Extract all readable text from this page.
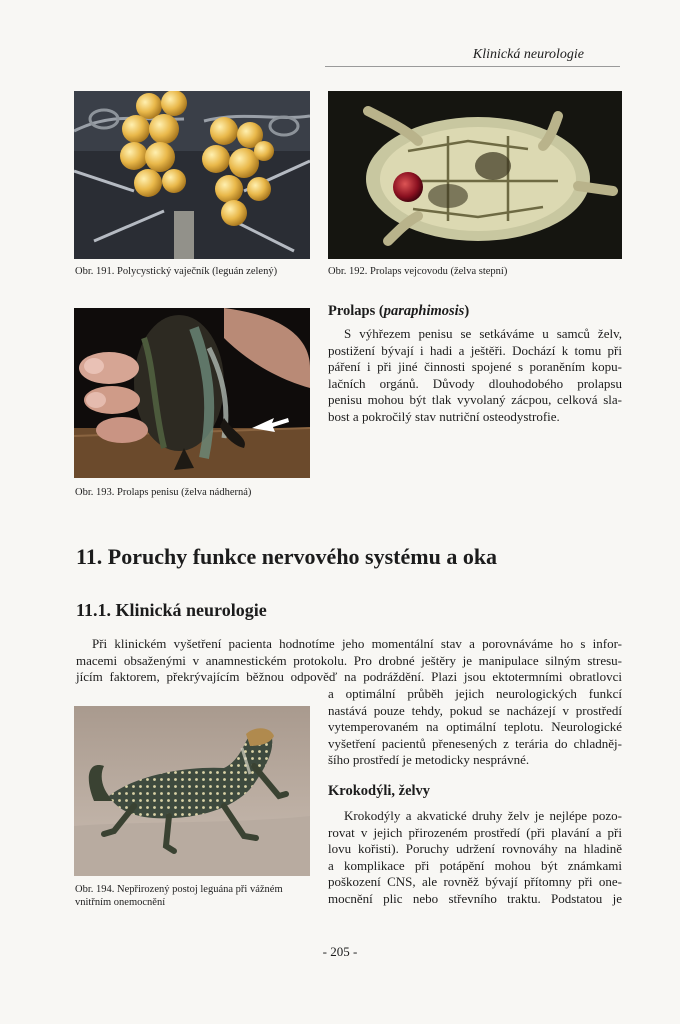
Klinická neurologie
Obr. 191. Polycystický vaječník (leguán zelený)	Obr. 192. Prolaps vejcovodu (želva stepní)
Obr. 193. Prolaps penisu (želva nádherná)
Prolaps (paraphimosis)
S výhřezem penisu se setkáváme u samců želv,
postižení bývají i hadi a ještěři. Dochází k tomu při
páření i při jiné činnosti spojené s poraněním kopu-
lačních orgánů. Důvody dlouhodobého prolapsu
penisu mohou být tlak vyvolaný zácpou, celková sla-
bost a pokročilý stav nutriční osteodystrofie.
11. Poruchy funkce nervového systému a oka
11.1. Klinická neurologie
Při klinickém vyšetření pacienta hodnotíme jeho momentální stav a porovnáváme ho s infor-
macemi obsaženými v anamnestickém protokolu. Pro drobné ještěry je manipulace silným stresu-
jícím faktorem, překrývajícím běžnou odpověď na podráždění. Plazi jsou ektotermními obratlovci
a optimální průběh jejich neurologických funkcí
nastává pouze tehdy, pokud se nacházejí v prostředí
vytemperovaném na optimální teplotu. Neurologické
vyšetření pacientů přenesených z terária do chladněj-
šího prostředí je metodicky nesprávné.
Obr. 194. Nepřirozený postoj leguána při vážném
vnitřním onemocnění
Krokodýli, želvy
Krokodýly a akvatické druhy želv je nejlépe pozo-
rovat v jejich přirozeném prostředí (při plavání a při
lovu kořisti). Poruchy udržení rovnováhy na hladině
a komplikace při potápění mohou být známkami
poškození CNS, ale rovněž bývají přítomny při one-
mocnění plic nebo střevního traktu. Podstatou je
- 205 -
